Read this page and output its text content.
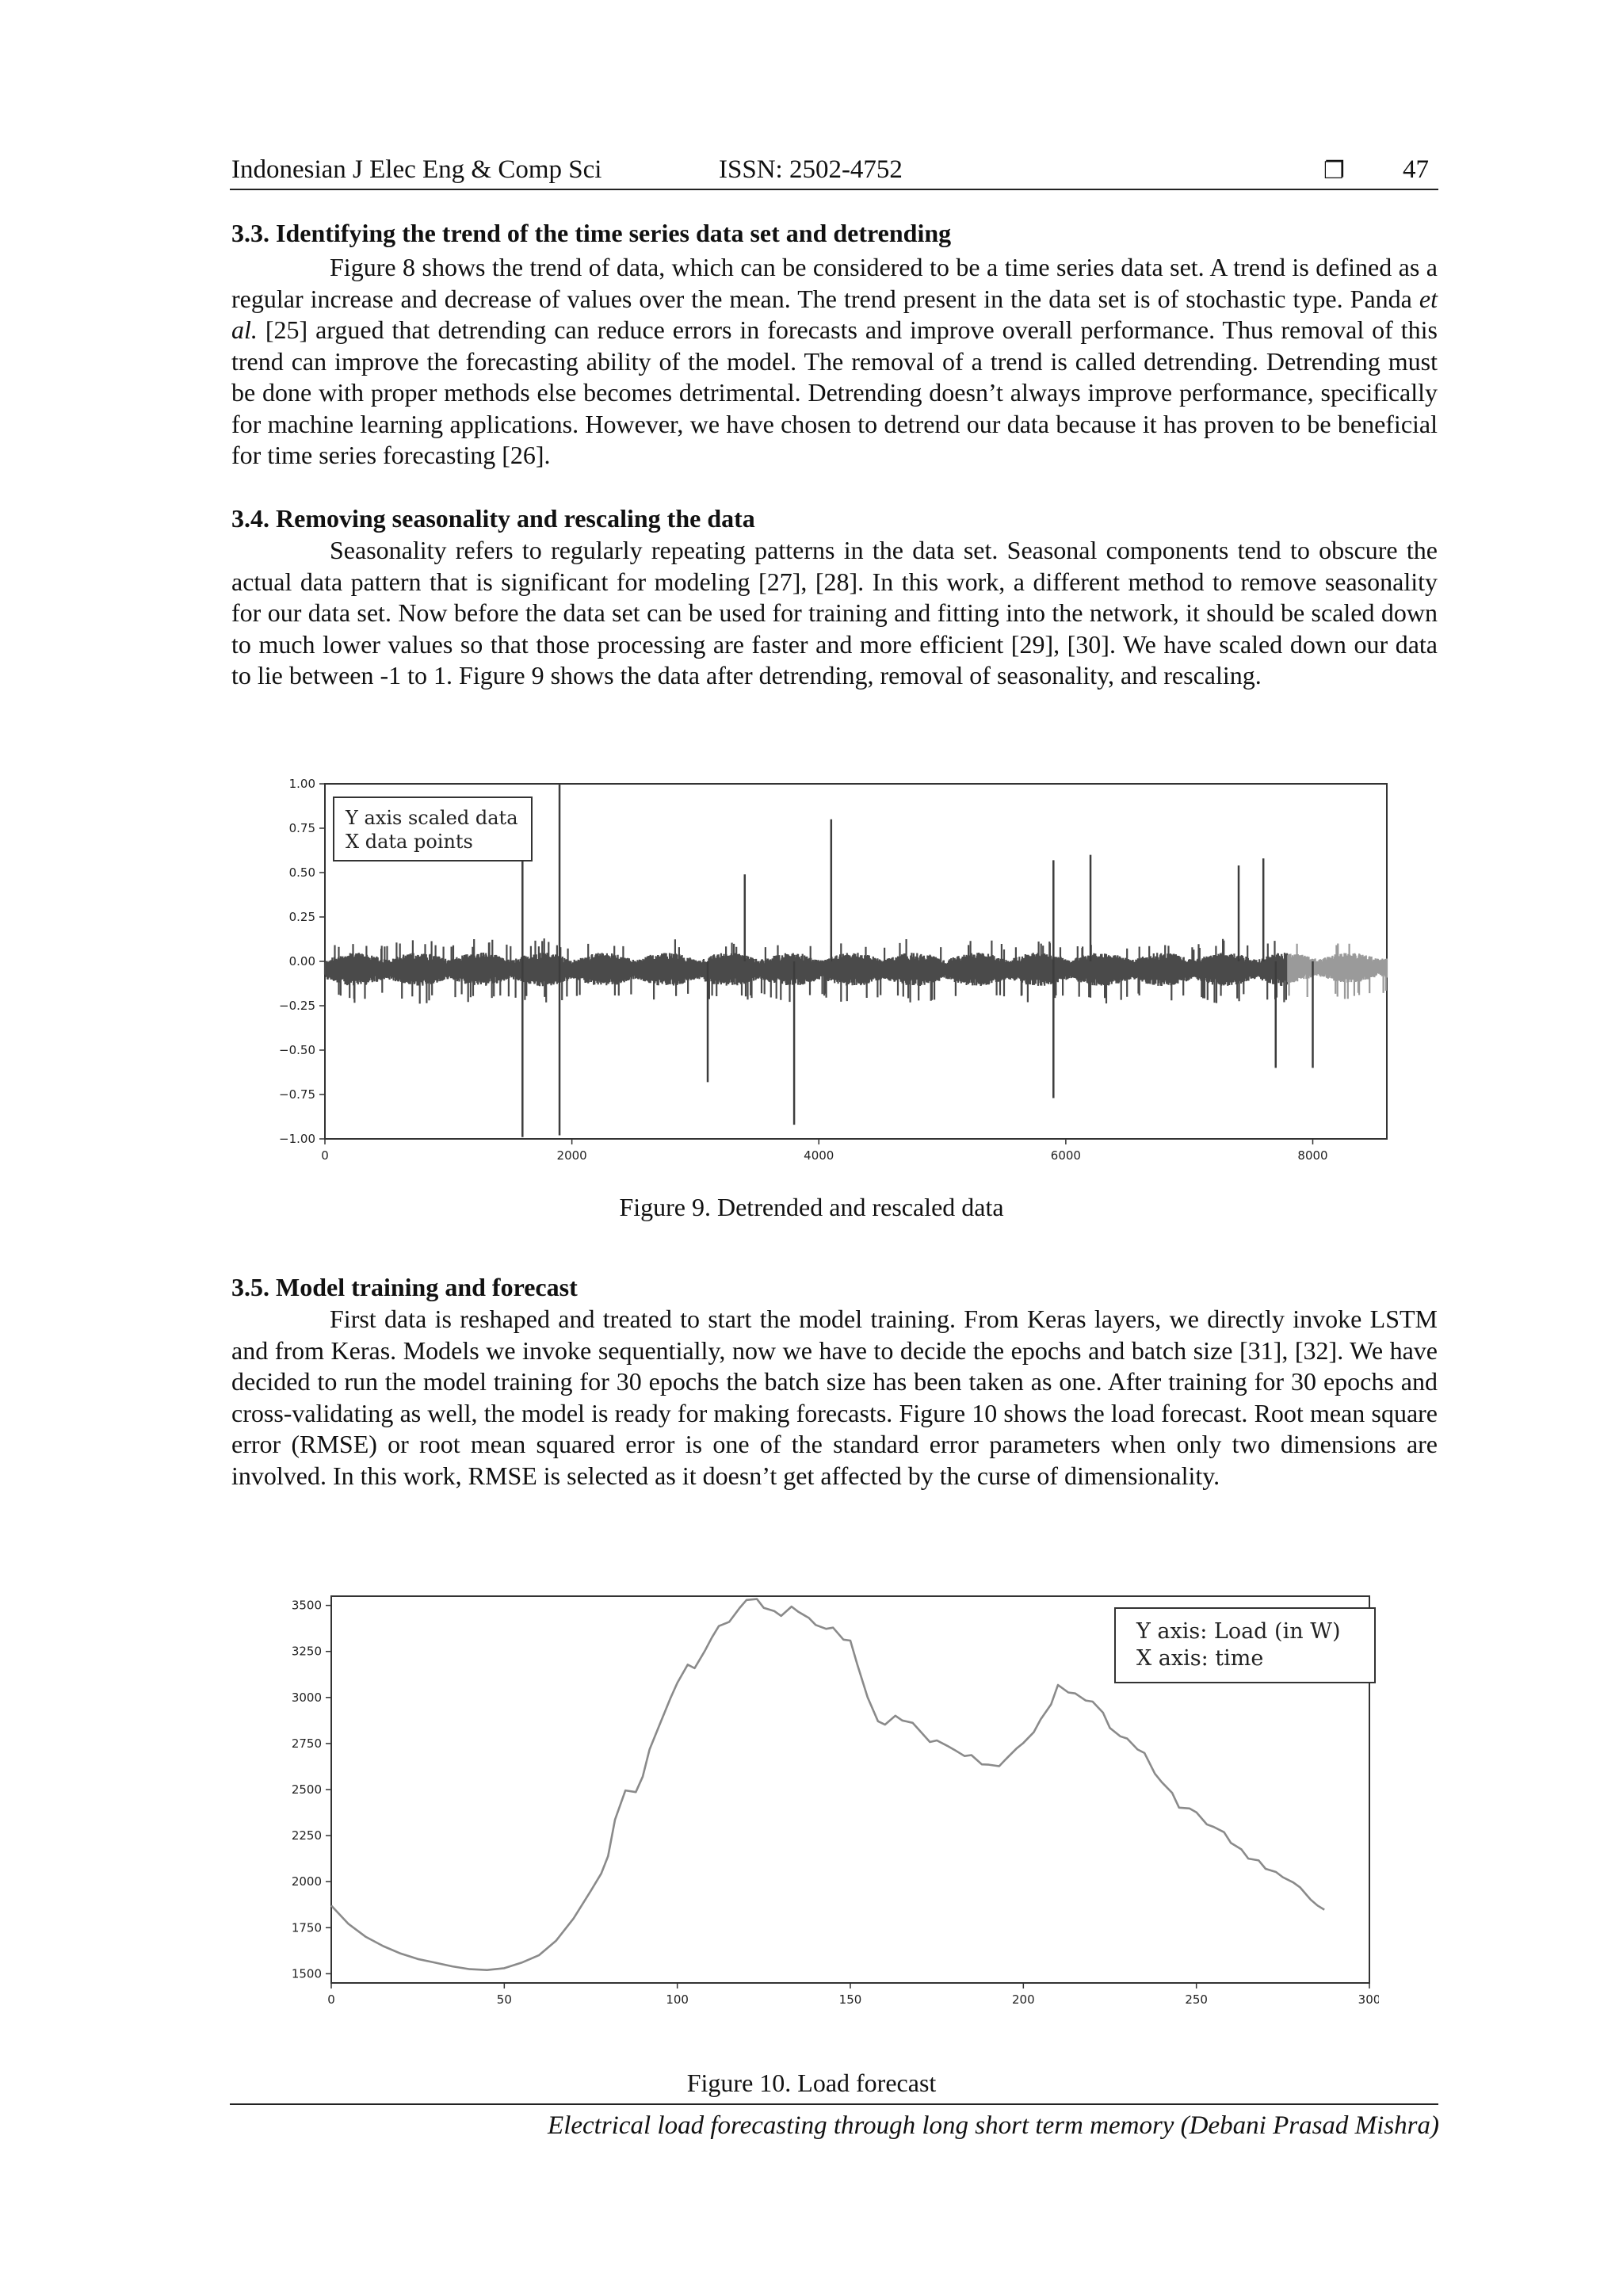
Indonesian J Elec Eng & Comp Sci	ISSN: 2502-4752	❐ 47
3.3. Identifying the trend of the time series data set and detrending

Figure 8 shows the trend of data, which can be considered to be a time series data set. A trend is defined as a regular increase and decrease of values over the mean. The trend present in the data set is of stochastic type. Panda et al. [25] argued that detrending can reduce errors in forecasts and improve overall performance. Thus removal of this trend can improve the forecasting ability of the model. The removal of a trend is called detrending. Detrending must be done with proper methods else becomes detrimental. Detrending doesn’t always improve performance, specifically for machine learning applications. However, we have chosen to detrend our data because it has proven to be beneficial for time series forecasting [26].

3.4. Removing seasonality and rescaling the data

Seasonality refers to regularly repeating patterns in the data set. Seasonal components tend to obscure the actual data pattern that is significant for modeling [27], [28]. In this work, a different method to remove seasonality for our data set. Now before the data set can be used for training and fitting into the network, it should be scaled down to much lower values so that those processing are faster and more efficient [29], [30]. We have scaled down our data to lie between -1 to 1. Figure 9 shows the data after detrending, removal of seasonality, and rescaling.

1.00
0.75
0.50
0.25
0.00
−0.25
−0.50
−0.75
−1.00
0	2000	4000	6000	8000
Y axis scaled data
X data points
Figure 9. Detrended and rescaled data
3.5. Model training and forecast

First data is reshaped and treated to start the model training. From Keras layers, we directly invoke LSTM and from Keras. Models we invoke sequentially, now we have to decide the epochs and batch size [31], [32]. We have decided to run the model training for 30 epochs the batch size has been taken as one. After training for 30 epochs and cross-validating as well, the model is ready for making forecasts. Figure 10 shows the load forecast. Root mean square error (RMSE) or root mean squared error is one of the standard error parameters when only two dimensions are involved. In this work, RMSE is selected as it doesn’t get affected by the curse of dimensionality.

3500
3250
3000
2750
2500
2250
2000
1750
1500
0	50	100	150	200	250	300
Y axis: Load (in W)
X axis: time
Figure 10. Load forecast
Electrical load forecasting through long short term memory (Debani Prasad Mishra)
